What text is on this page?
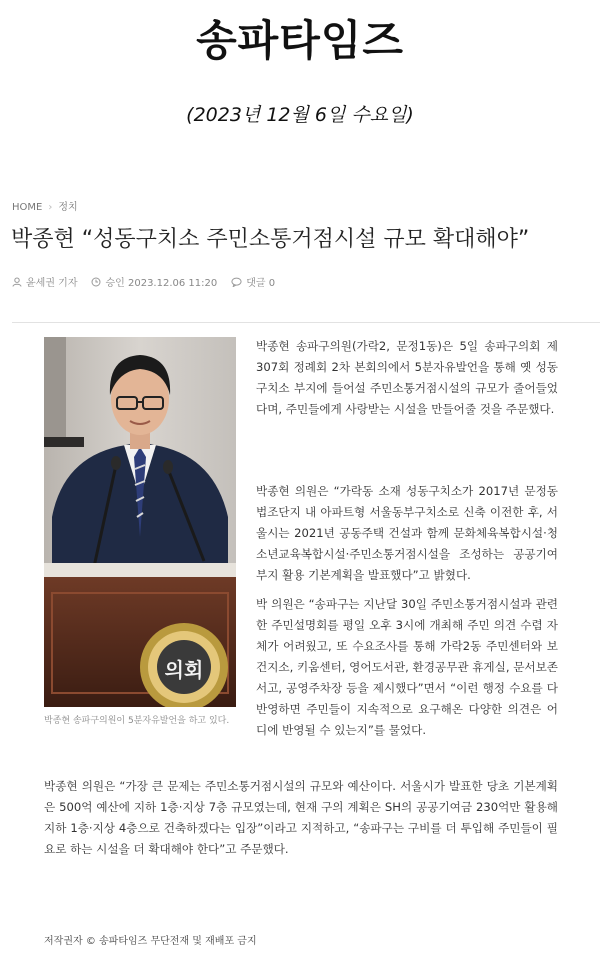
송파타임즈
(2023년 12월 6일 수요일)
HOME › 정치
박종현 “성동구치소 주민소통거점시설 규모 확대해야”
윤세권 기자	승인 2023.12.06 11:20	댓글 0
의회
박종현 송파구의원이 5분자유발언을 하고 있다.

박종현 송파구의원(가락2, 문정1동)은 5일 송파구의회 제307회 정례회 2차 본회의에서 5분자유발언을 통해 옛 성동구치소 부지에 들어설 주민소통거점시설의 규모가 줄어들었다며, 주민들에게 사랑받는 시설을 만들어줄 것을 주문했다.

박종현 의원은 “가락동 소재 성동구치소가 2017년 문정동 법조단지 내 아파트형 서울동부구치소로 신축 이전한 후, 서울시는 2021년 공동주택 건설과 함께 문화체육복합시설·청소년교육복합시설·주민소통거점시설을 조성하는 공공기여부지 활용 기본계획을 발표했다”고 밝혔다.

박 의원은 “송파구는 지난달 30일 주민소통거점시설과 관련한 주민설명회를 평일 오후 3시에 개최해 주민 의견 수렴 자체가 어려웠고, 또 수요조사를 통해 가락2동 주민센터와 보건지소, 키움센터, 영어도서관, 환경공무관 휴게실, 문서보존서고, 공영주차장 등을 제시했다”면서 “이런 행정 수요를 다 반영하면 주민들이 지속적으로 요구해온 다양한 의견은 어디에 반영될 수 있는지”를 물었다.

박종현 의원은 “가장 큰 문제는 주민소통거점시설의 규모와 예산이다. 서울시가 발표한 당초 기본계획은 500억 예산에 지하 1층·지상 7층 규모였는데, 현재 구의 계획은 SH의 공공기여금 230억만 활용해 지하 1층·지상 4층으로 건축하겠다는 입장”이라고 지적하고, “송파구는 구비를 더 투입해 주민들이 필요로 하는 시설을 더 확대해야 한다”고 주문했다.

저작권자 © 송파타임즈 무단전재 및 재배포 금지
